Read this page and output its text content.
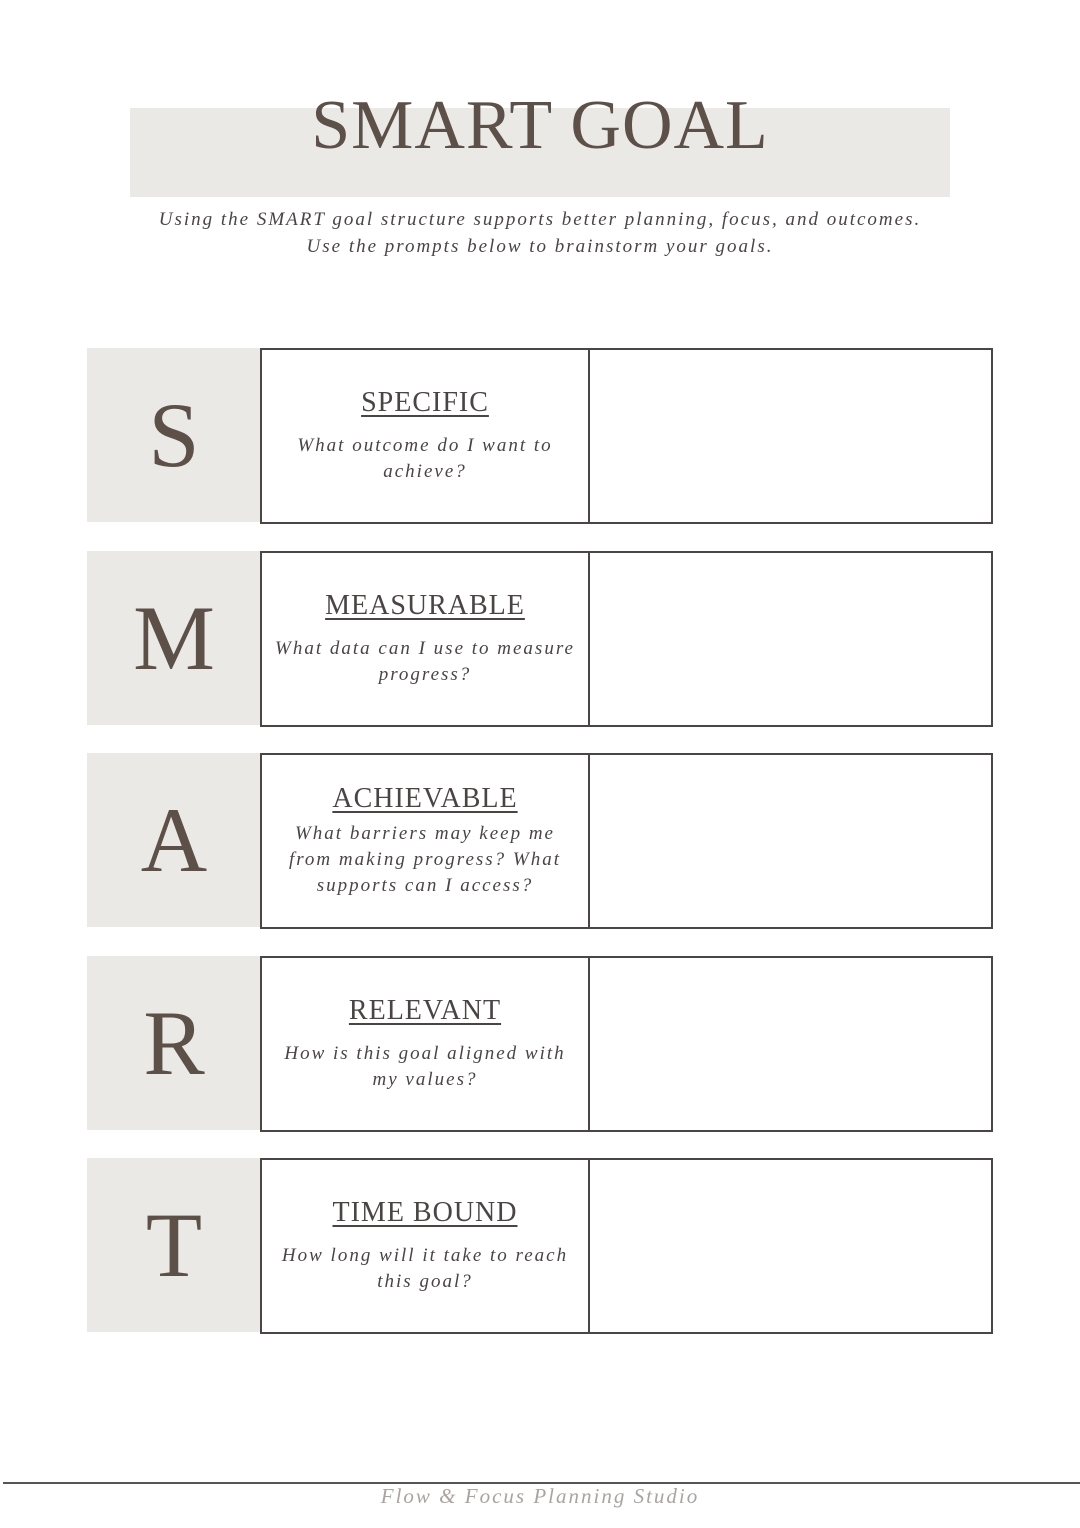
SMART GOAL
Using the SMART goal structure supports better planning, focus, and outcomes.
Use the prompts below to brainstorm your goals.
S	SPECIFIC
What outcome do I want to achieve?
M	MEASURABLE
What data can I use to measure progress?
A	ACHIEVABLE
What barriers may keep me from making progress? What supports can I access?
R	RELEVANT
How is this goal aligned with my values?
T	TIME BOUND
How long will it take to reach this goal?
Flow & Focus Planning Studio
